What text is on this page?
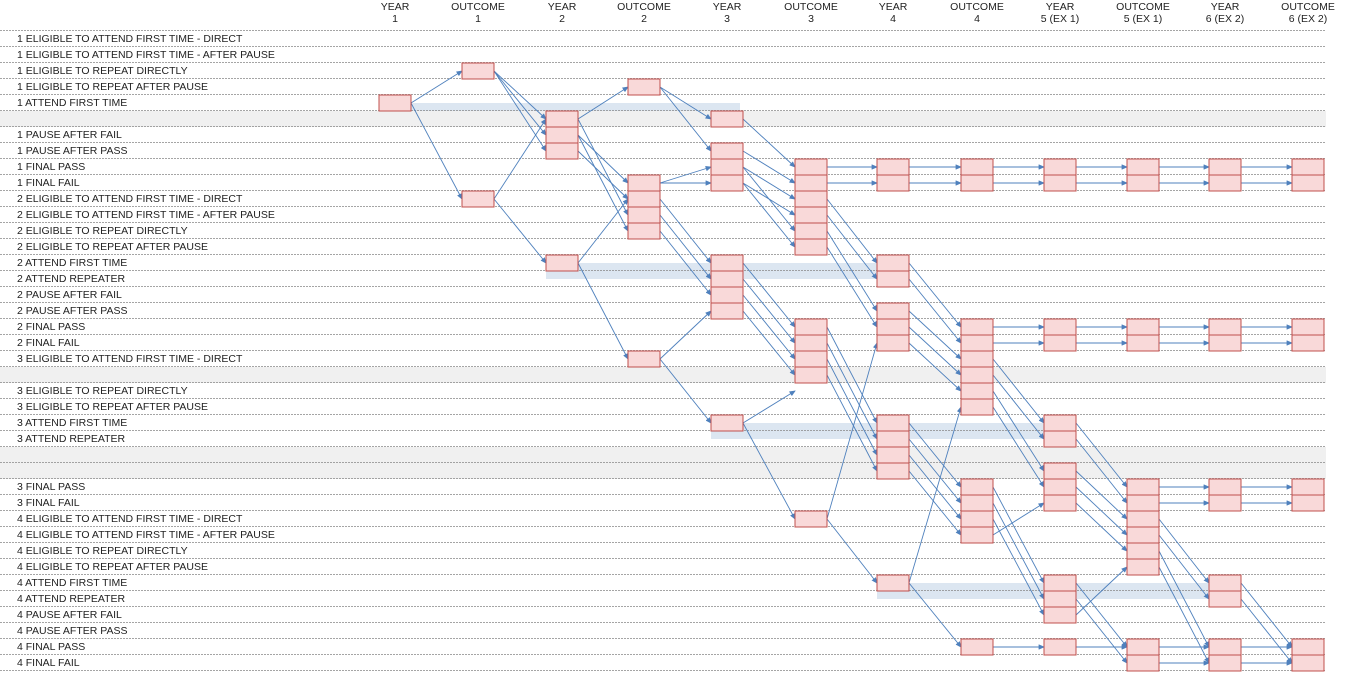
YEAR
1
OUTCOME
1
YEAR
2
OUTCOME
2
YEAR
3
OUTCOME
3
YEAR
4
OUTCOME
4
YEAR
5 (EX 1)
OUTCOME
5 (EX 1)
YEAR
6 (EX 2)
OUTCOME
6 (EX 2)
1 ELIGIBLE TO ATTEND FIRST TIME - DIRECT
1 ELIGIBLE TO ATTEND FIRST TIME - AFTER PAUSE
1 ELIGIBLE TO REPEAT DIRECTLY
1 ELIGIBLE TO REPEAT AFTER PAUSE
1 ATTEND FIRST TIME
1 PAUSE AFTER FAIL
1 PAUSE AFTER PASS
1 FINAL PASS
1 FINAL FAIL
2 ELIGIBLE TO ATTEND FIRST TIME - DIRECT
2 ELIGIBLE TO ATTEND FIRST TIME - AFTER PAUSE
2 ELIGIBLE TO REPEAT DIRECTLY
2 ELIGIBLE TO REPEAT AFTER PAUSE
2 ATTEND FIRST TIME
2 ATTEND REPEATER
2 PAUSE AFTER FAIL
2 PAUSE AFTER PASS
2 FINAL PASS
2 FINAL FAIL
3 ELIGIBLE TO ATTEND FIRST TIME - DIRECT
3 ELIGIBLE TO REPEAT DIRECTLY
3 ELIGIBLE TO REPEAT AFTER PAUSE
3 ATTEND FIRST TIME
3 ATTEND REPEATER
3 FINAL PASS
3 FINAL FAIL
4 ELIGIBLE TO ATTEND FIRST TIME - DIRECT
4 ELIGIBLE TO ATTEND FIRST TIME - AFTER PAUSE
4 ELIGIBLE TO REPEAT DIRECTLY
4 ELIGIBLE TO REPEAT AFTER PAUSE
4 ATTEND FIRST TIME
4 ATTEND REPEATER
4 PAUSE AFTER FAIL
4 PAUSE AFTER PASS
4 FINAL PASS
4 FINAL FAIL
